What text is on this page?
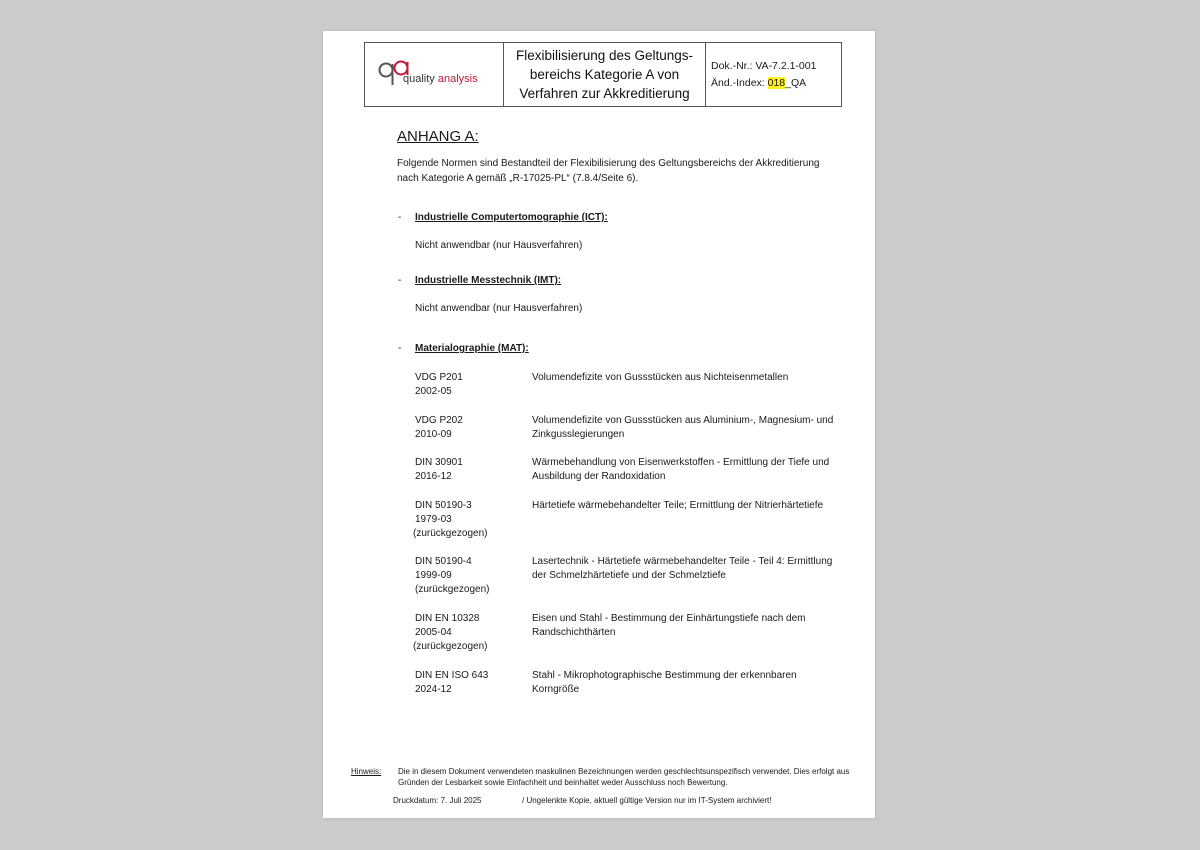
quality analysis
Flexibilisierung des Geltungs-bereichs Kategorie A von Verfahren zur Akkreditierung
Dok.-Nr.: VA-7.2.1-001
Änd.-Index: 018_QA
ANHANG A:
Folgende Normen sind Bestandteil der Flexibilisierung des Geltungsbereichs der Akkreditierung nach Kategorie A gemäß „R-17025-PL“ (7.8.4/Seite 6).
- Industrielle Computertomographie (ICT):
Nicht anwendbar (nur Hausverfahren)
- Industrielle Messtechnik (IMT):
Nicht anwendbar (nur Hausverfahren)
- Materialographie (MAT):
VDG P201
2002-05
Volumendefizite von Gussstücken aus Nichteisenmetallen
VDG P202
2010-09
Volumendefizite von Gussstücken aus Aluminium-, Magnesium- und Zinkgusslegierungen
DIN 30901
2016-12
Wärmebehandlung von Eisenwerkstoffen - Ermittlung der Tiefe und Ausbildung der Randoxidation
DIN 50190-3
1979-03
(zurückgezogen)
Härtetiefe wärmebehandelter Teile; Ermittlung der Nitrierhärtetiefe
DIN 50190-4
1999-09
(zurückgezogen)
Lasertechnik - Härtetiefe wärmebehandelter Teile - Teil 4: Ermittlung der Schmelzhärtetiefe und der Schmelztiefe
DIN EN 10328
2005-04
(zurückgezogen)
Eisen und Stahl - Bestimmung der Einhärtungstiefe nach dem Randschichthärten
DIN EN ISO 643
2024-12
Stahl - Mikrophotographische Bestimmung der erkennbaren Korngröße
Hinweis: Die in diesem Dokument verwendeten maskulinen Bezeichnungen werden geschlechtsunspezifisch verwendet. Dies erfolgt aus Gründen der Lesbarkeit sowie Einfachheit und beinhaltet weder Ausschluss noch Bewertung.
Druckdatum: 7. Juli 2025	/ Ungelenkte Kopie, aktuell gültige Version nur im IT-System archiviert!
